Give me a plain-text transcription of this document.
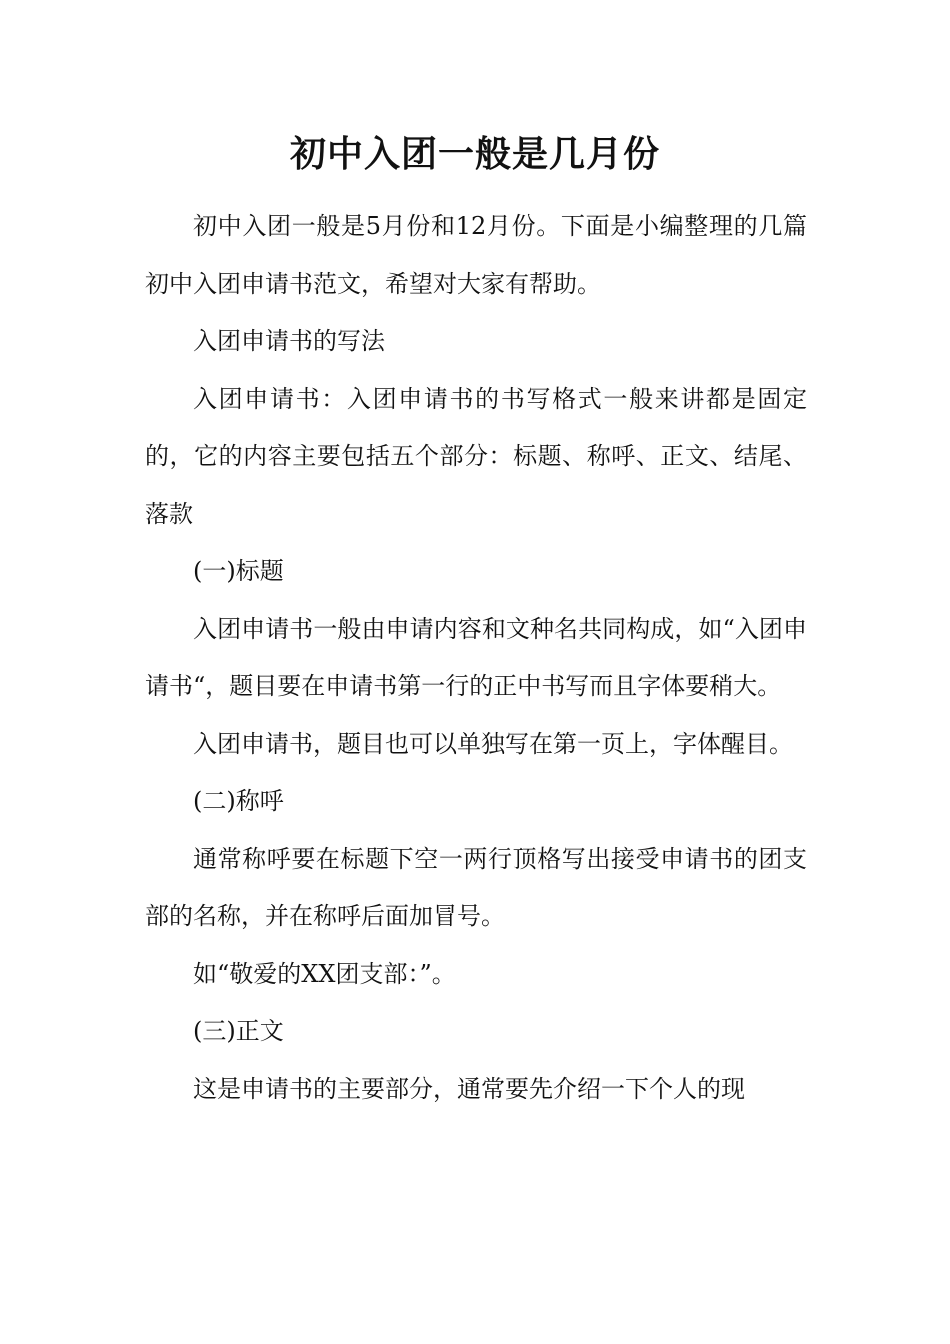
初中入团一般是几月份

初中入团一般是5月份和12月份。下面是小编整理的几篇初中入团申请书范文，希望对大家有帮助。

入团申请书的写法

入团申请书：入团申请书的书写格式一般来讲都是固定的，它的内容主要包括五个部分：标题、称呼、正文、结尾、落款

(一)标题

入团申请书一般由申请内容和文种名共同构成，如“入团申请书“，题目要在申请书第一行的正中书写而且字体要稍大。

入团申请书，题目也可以单独写在第一页上，字体醒目。

(二)称呼

通常称呼要在标题下空一两行顶格写出接受申请书的团支部的名称，并在称呼后面加冒号。

如“敬爱的XX团支部：”。

(三)正文

这是申请书的主要部分，通常要先介绍一下个人的现
